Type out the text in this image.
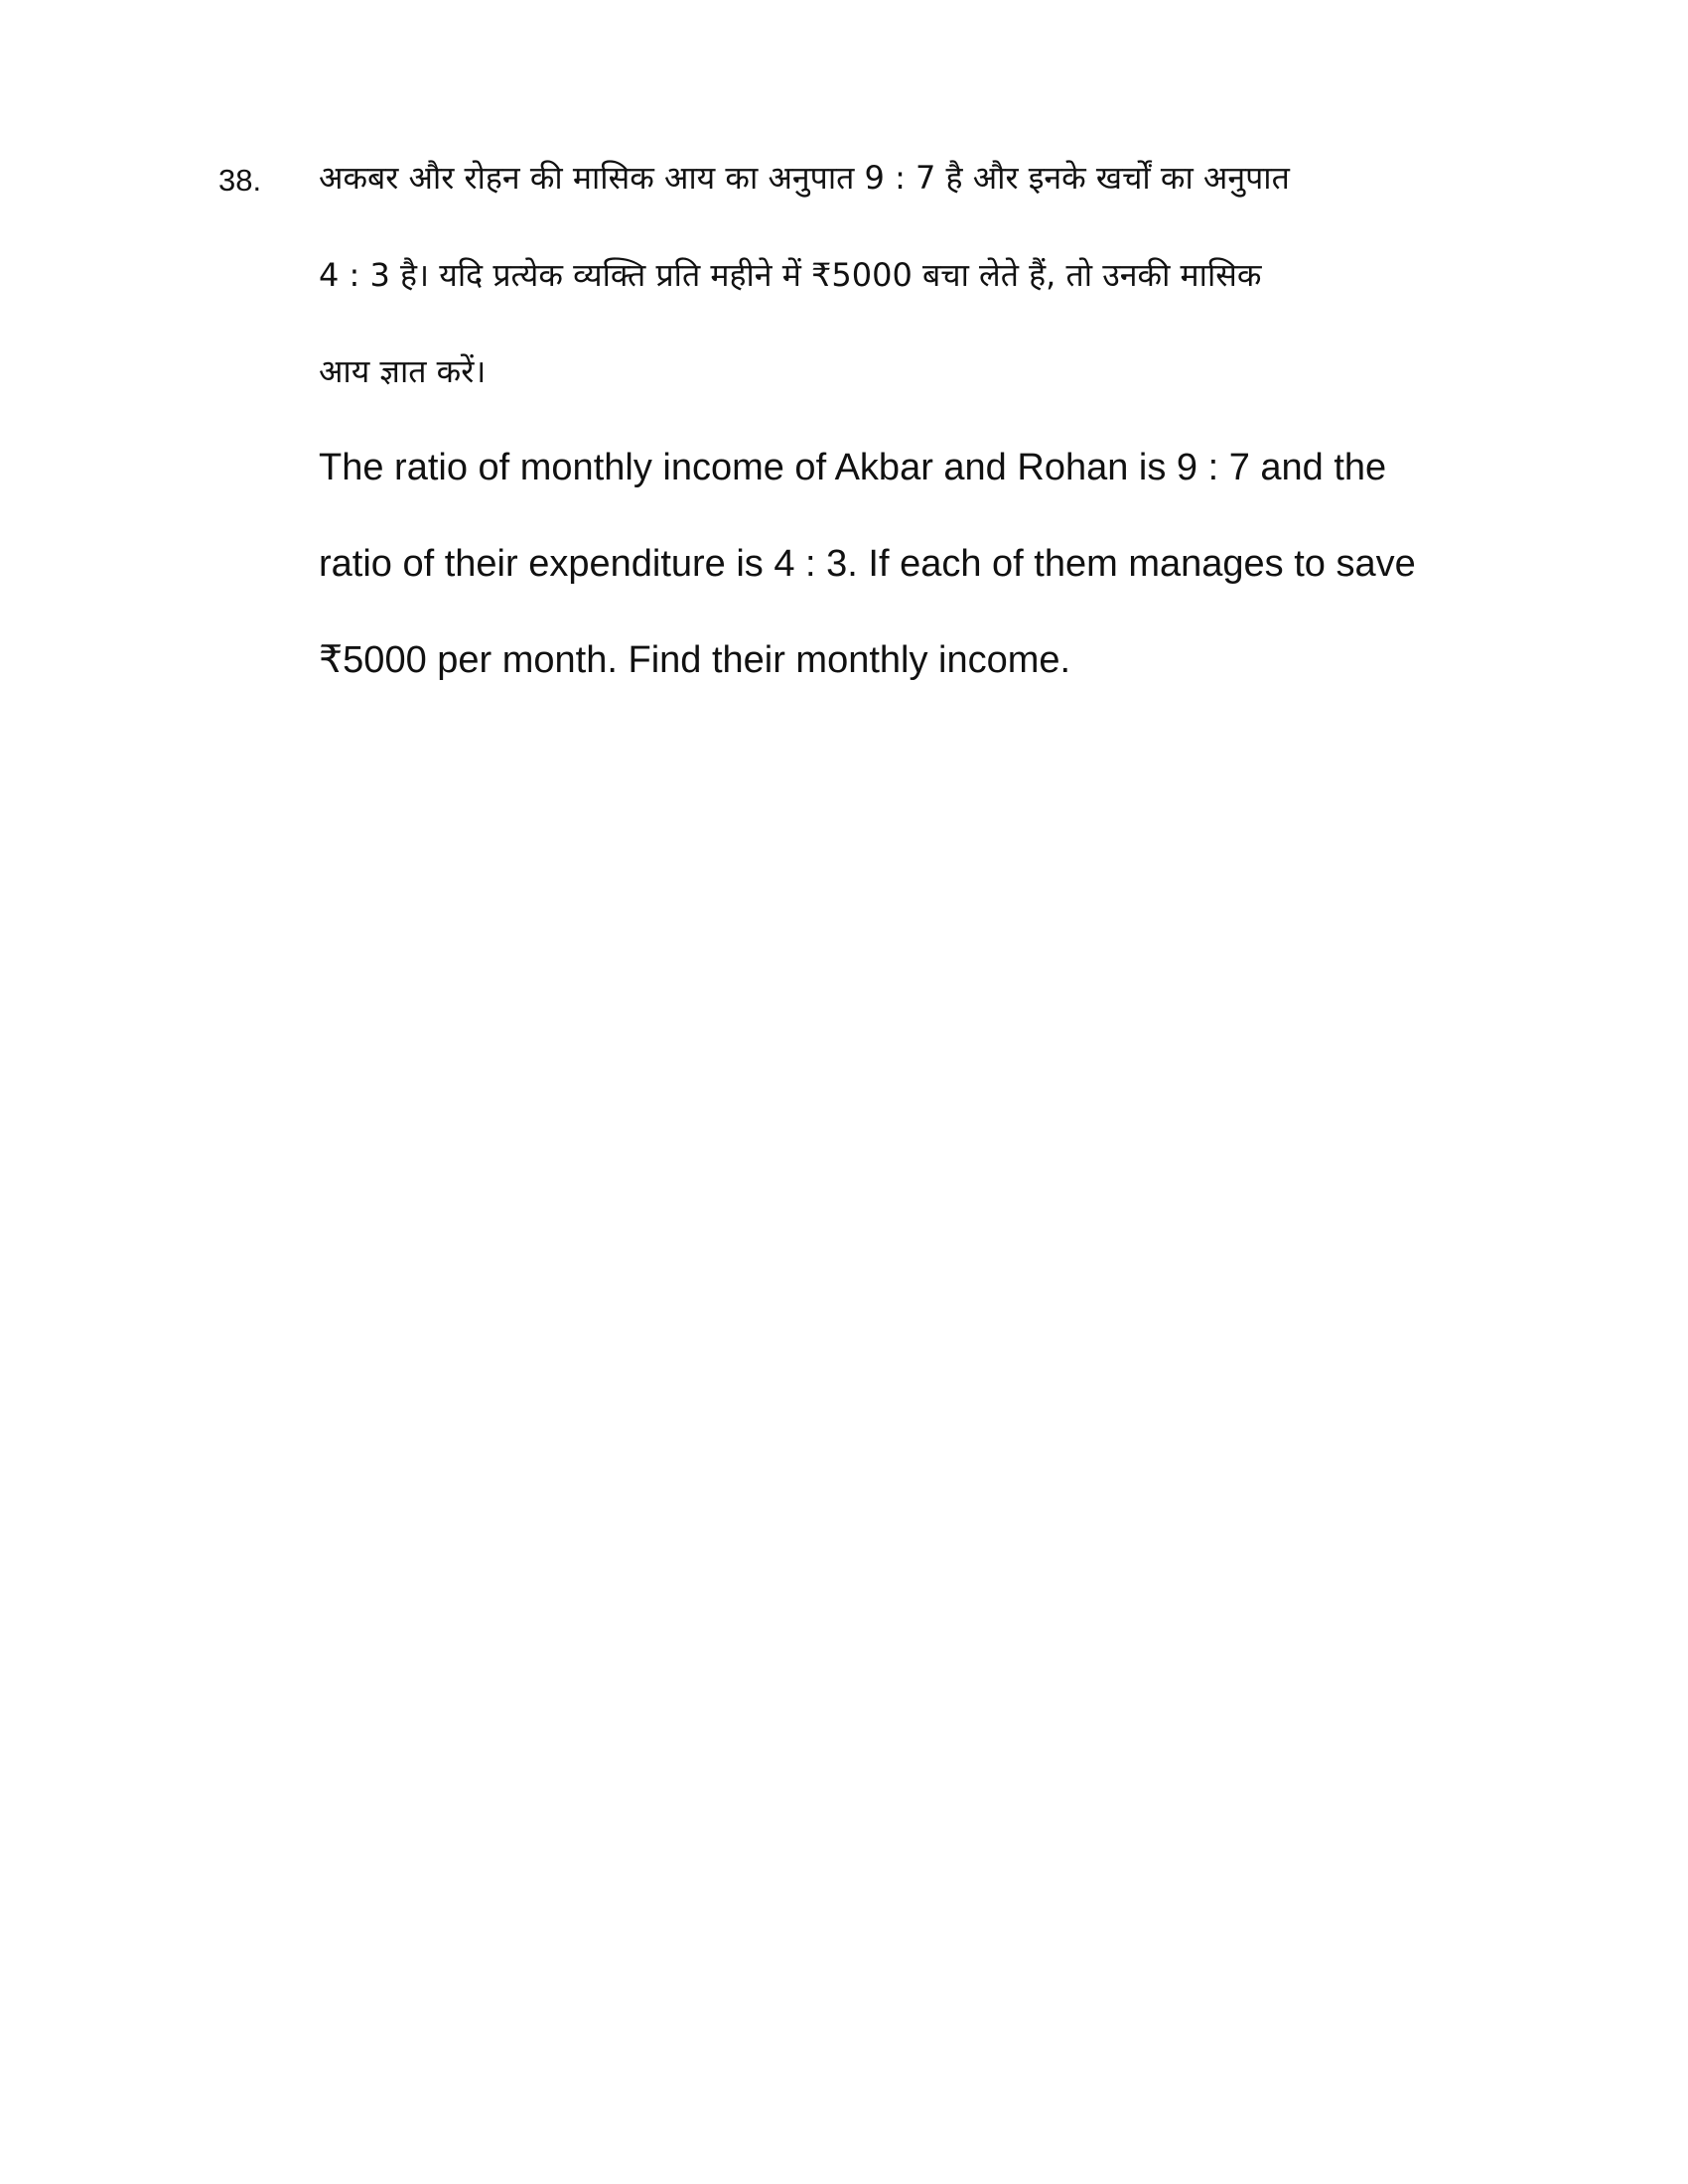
38. अकबर और रोहन की मासिक आय का अनुपात 9 : 7 है और इनके खर्चों का अनुपात
4 : 3 है। यदि प्रत्येक व्यक्ति प्रति महीने में ₹5000 बचा लेते हैं, तो उनकी मासिक
आय ज्ञात करें।
The ratio of monthly income of Akbar and Rohan is 9 : 7 and the
ratio of their expenditure is 4 : 3. If each of them manages to save
₹5000 per month. Find their monthly income.
